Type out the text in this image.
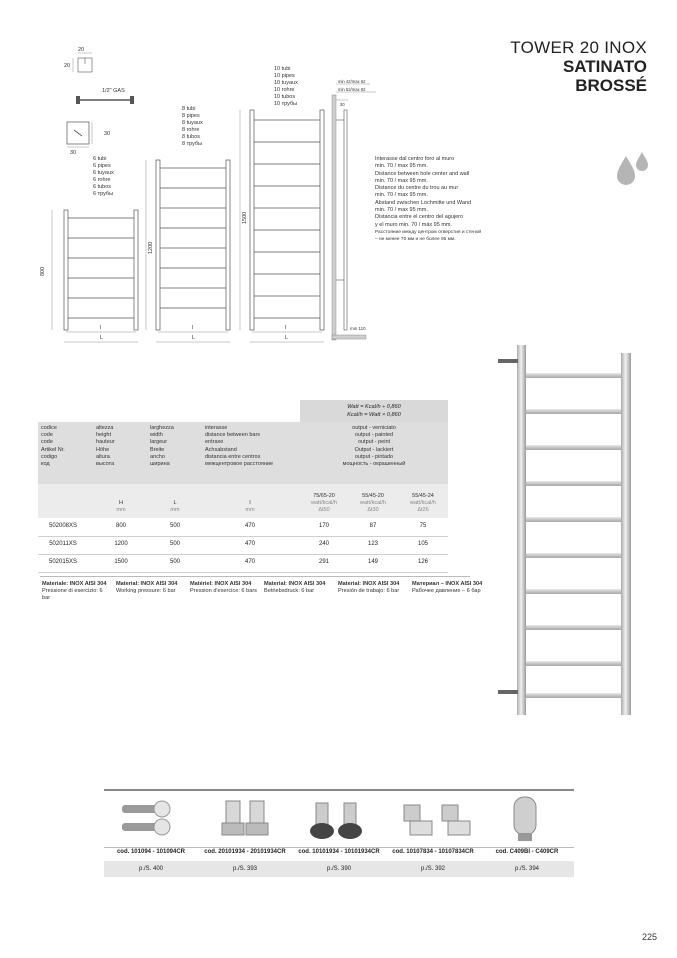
TOWER 20 INOX
SATINATO
BROSSÉ
20
20
1/2" GAS
30
30
800
I
L
1200
I
L
1500
I
L
min 42/max 62
min 52/max 82
30
min 110
6 tubi
6 pipes
6 tuyaux
6 rohre
6 tubos
6 трубы
8 tubi
8 pipes
8 tuyaux
8 rohre
8 tubos
8 трубы
10 tubi
10 pipes
10 tuyaux
10 rohre
10 tubos
10 трубы
Interasse dal centro foro al muro
min. 70 / max 95 mm.
Distance between hole center and wall
min. 70 / max 95 mm.
Distance du centre du trou au mur
min. 70 / max 95 mm.
Abstand zwischen Lochmitte und Wand
min. 70 / max 95 mm.
Distancia entre el centro del agujero
y el muro min. 70 / máx 95 mm.
Расстояние между центром отверстия и стеной
– не менее 70 мм и не более 95 мм.
Watt = Kcal/h ÷ 0,860
Kcal/h = Watt × 0,860
codice
code
code
Artikel Nr.
codigo
код
altezza
height
hauteur
Höhe
altura
высота
larghezza
width
largeur
Breite
ancho
ширина
interasse
distance between bars
entraxe
Achsabstand
distancia entre centros
межцентровое расстояние
output - verniciato
output - painted
output - peint
Output - lackiert
output - pintado
мощность - окрашенный
H
mm
L
mm
I
mm
75/65-20
watt/kcal/h
Δt50
55/45-20
watt/kcal/h
Δt30
55/45-24
watt/kcal/h
Δt26
502008XS	800	500	470	170	87	75
502011XS	1200	500	470	240	123	105
502015XS	1500	500	470	291	149	126
Materiale: INOX AISI 304
Pressione di esercizio: 6 bar
Material: INOX AISI 304
Working pressure: 6 bar
Matériel: INOX AISI 304
Pression d'exercice: 6 bars
Material: INOX AISI 304
Betriebsdruck: 6 bar
Material: INOX AISI 304
Presión de trabajo: 6 bar
Материал – INOX AISI 304
Рабочее давление – 6 бар
cod. 101094 - 101094CR	cod. 20101934 - 20101934CR	cod. 10101934 - 10101934CR	cod. 10107834 - 10107834CR	cod. C409BI - C409CR
p./S. 400	p./S. 393	p./S. 390	p./S. 392	p./S. 394
225
